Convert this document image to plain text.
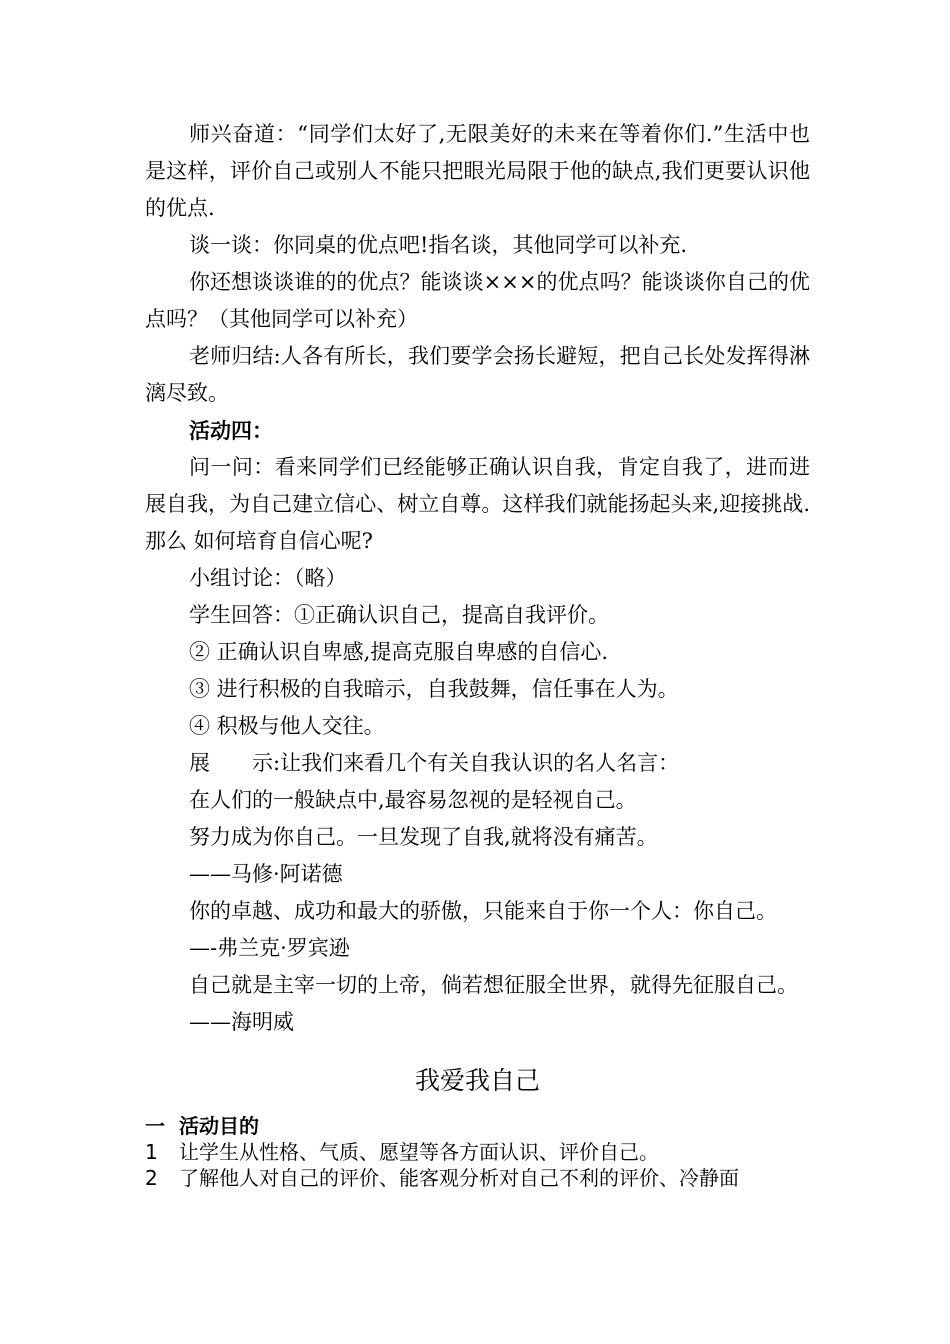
师兴奋道：“同学们太好了,无限美好的未来在等着你们.”生活中也是这样，评价自己或别人不能只把眼光局限于他的缺点,我们更要认识他的优点.

谈一谈：你同桌的优点吧!指名谈，其他同学可以补充.

你还想谈谈谁的的优点？能谈谈×××的优点吗？能谈谈你自己的优点吗？（其他同学可以补充）

老师归结:人各有所长，我们要学会扬长避短，把自己长处发挥得淋漓尽致。

活动四：

问一问：看来同学们已经能够正确认识自我，肯定自我了，进而进展自我，为自己建立信心、树立自尊。这样我们就能扬起头来,迎接挑战. 那么 如何培育自信心呢?

小组讨论：（略）

学生回答：①正确认识自己，提高自我评价。

② 正确认识自卑感,提高克服自卑感的自信心.

③ 进行积极的自我暗示，自我鼓舞，信任事在人为。

④ 积极与他人交往。

展　　示:让我们来看几个有关自我认识的名人名言：

在人们的一般缺点中,最容易忽视的是轻视自己。

努力成为你自己。一旦发现了自我,就将没有痛苦。

——马修·阿诺德

你的卓越、成功和最大的骄傲，只能来自于你一个人：你自己。

—-弗兰克·罗宾逊

自己就是主宰一切的上帝，倘若想征服全世界，就得先征服自己。

——海明威

我爱我自己

一 活动目的

1 让学生从性格、气质、愿望等各方面认识、评价自己。

2 了解他人对自己的评价、能客观分析对自己不利的评价、冷静面
